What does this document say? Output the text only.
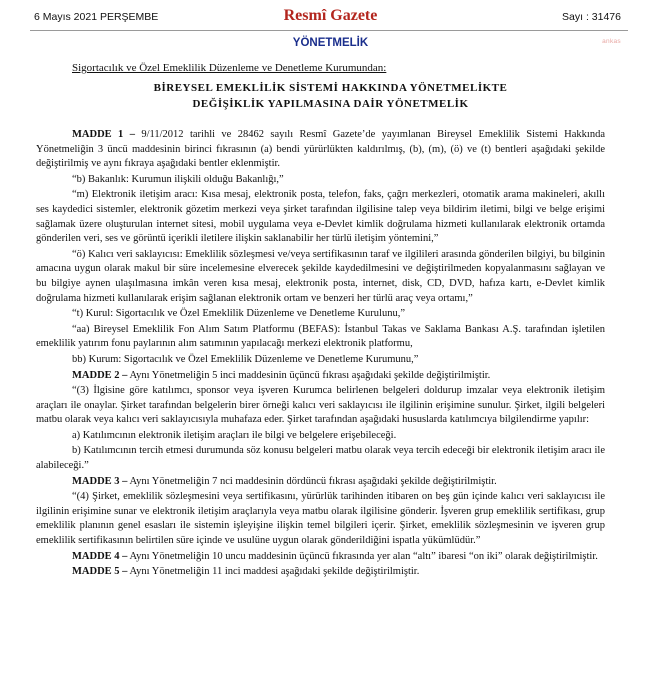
6 Mayıs 2021 PERŞEMBE	Resmî Gazete	Sayı : 31476
ankas
YÖNETMELİK
Sigortacılık ve Özel Emeklilik Düzenleme ve Denetleme Kurumundan:
BİREYSEL EMEKLİLİK SİSTEMİ HAKKINDA YÖNETMELİKTE
DEĞİŞİKLİK YAPILMASINA DAİR YÖNETMELİK

MADDE 1 – 9/11/2012 tarihli ve 28462 sayılı Resmî Gazete’de yayımlanan Bireysel Emeklilik Sistemi Hakkında Yönetmeliğin 3 üncü maddesinin birinci fıkrasının (a) bendi yürürlükten kaldırılmış, (b), (m), (ö) ve (t) bentleri aşağıdaki şekilde değiştirilmiş ve aynı fıkraya aşağıdaki bentler eklenmiştir.

“b) Bakanlık: Kurumun ilişkili olduğu Bakanlığı,”

“m) Elektronik iletişim aracı: Kısa mesaj, elektronik posta, telefon, faks, çağrı merkezleri, otomatik arama makineleri, akıllı ses kaydedici sistemler, elektronik gözetim merkezi veya şirket tarafından ilgilisine talep veya bildirim iletimi, bilgi ve belge erişimi sağlamak üzere oluşturulan internet sitesi, mobil uygulama veya e-Devlet kimlik doğrulama hizmeti kullanılarak elektronik ortamda gönderilen veri, ses ve görüntü içerikli iletilere ilişkin saklanabilir her türlü iletişim yöntemini,”

“ö) Kalıcı veri saklayıcısı: Emeklilik sözleşmesi ve/veya sertifikasının taraf ve ilgilileri arasında gönderilen bilgiyi, bu bilginin amacına uygun olarak makul bir süre incelemesine elverecek şekilde kaydedilmesini ve değiştirilmeden kopyalanmasını sağlayan ve bu bilgiye aynen ulaşılmasına imkân veren kısa mesaj, elektronik posta, internet, disk, CD, DVD, hafıza kartı, e-Devlet kimlik doğrulama hizmeti kullanılarak erişim sağlanan elektronik ortam ve benzeri her türlü araç veya ortamı,”

“t) Kurul: Sigortacılık ve Özel Emeklilik Düzenleme ve Denetleme Kurulunu,”

“aa) Bireysel Emeklilik Fon Alım Satım Platformu (BEFAS): İstanbul Takas ve Saklama Bankası A.Ş. tarafından işletilen emeklilik yatırım fonu paylarının alım satımının yapılacağı merkezi elektronik platformu,

bb) Kurum: Sigortacılık ve Özel Emeklilik Düzenleme ve Denetleme Kurumunu,”

MADDE 2 – Aynı Yönetmeliğin 5 inci maddesinin üçüncü fıkrası aşağıdaki şekilde değiştirilmiştir.

“(3) İlgisine göre katılımcı, sponsor veya işveren Kurumca belirlenen belgeleri doldurup imzalar veya elektronik iletişim araçları ile onaylar. Şirket tarafından belgelerin birer örneği kalıcı veri saklayıcısı ile ilgilinin erişimine sunulur. Şirket, ilgili belgeleri matbu olarak veya kalıcı veri saklayıcısıyla muhafaza eder. Şirket tarafından aşağıdaki hususlarda katılımcıya bilgilendirme yapılır:

a) Katılımcının elektronik iletişim araçları ile bilgi ve belgelere erişebileceği.

b) Katılımcının tercih etmesi durumunda söz konusu belgeleri matbu olarak veya tercih edeceği bir elektronik iletişim aracı ile alabileceği.”

MADDE 3 – Aynı Yönetmeliğin 7 nci maddesinin dördüncü fıkrası aşağıdaki şekilde değiştirilmiştir.

“(4) Şirket, emeklilik sözleşmesini veya sertifikasını, yürürlük tarihinden itibaren on beş gün içinde kalıcı veri saklayıcısı ile ilgilinin erişimine sunar ve elektronik iletişim araçlarıyla veya matbu olarak ilgilisine gönderir. İşveren grup emeklilik sertifikası, grup emeklilik planının genel esasları ile sistemin işleyişine ilişkin temel bilgileri içerir. Şirket, emeklilik sözleşmesinin ve işveren grup emeklilik sertifikasının belirtilen süre içinde ve usulüne uygun olarak gönderildiğini ispatla yükümlüdür.”

MADDE 4 – Aynı Yönetmeliğin 10 uncu maddesinin üçüncü fıkrasında yer alan “altı” ibaresi “on iki” olarak değiştirilmiştir.

MADDE 5 – Aynı Yönetmeliğin 11 inci maddesi aşağıdaki şekilde değiştirilmiştir.
